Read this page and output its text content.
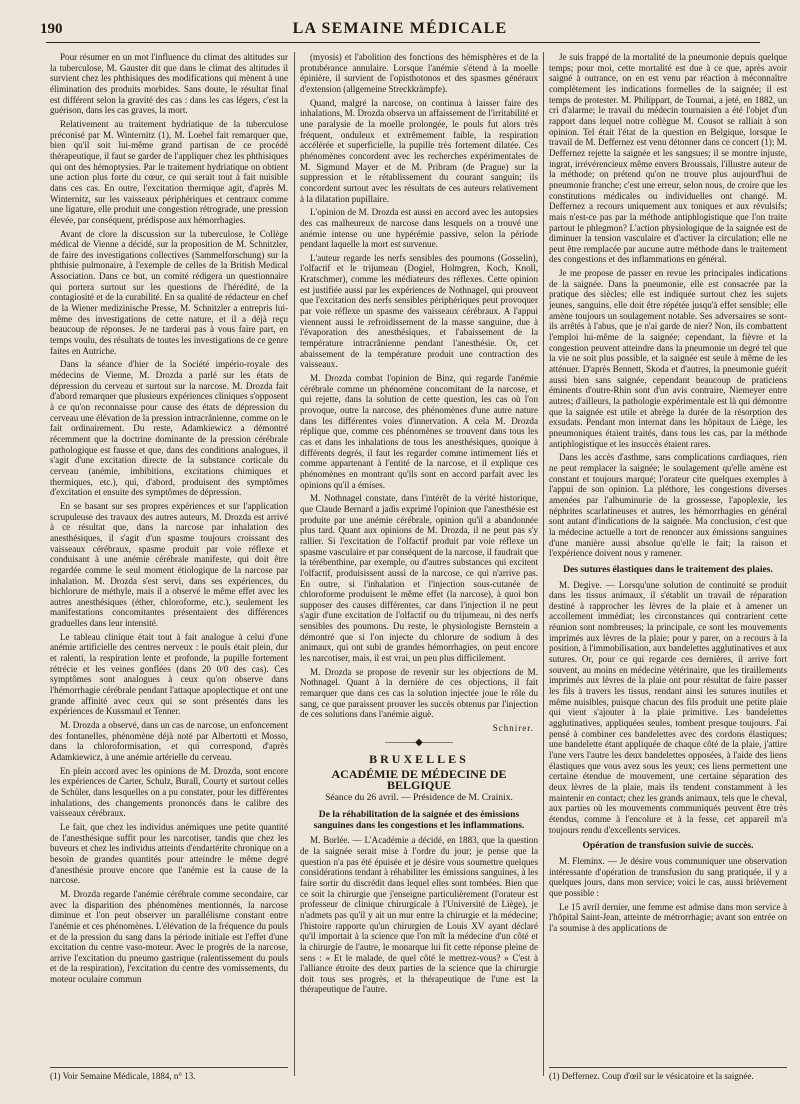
190	LA SEMAINE MÉDICALE

Pour résumer en un mot l'influence du climat des altitudes sur la tuberculose, M. Gauster dit que dans le climat des altitudes il survient chez les phthisiques des modifications qui mènent à une élimination des produits morbides. Sans doute, le résultat final est différent selon la gravité des cas : dans les cas légers, c'est la guérison, dans les cas graves, la mort.

Relativement au traitement hydriatique de la tuberculose préconisé par M. Winternitz (1), M. Loebel fait remarquer que, bien qu'il soit lui-même grand partisan de ce procédé thérapeutique, il faut se garder de l'appliquer chez les phthisiques qui ont des hémoptysies. Par le traitement hydriatique on obtient une action plus forte du cœur, ce qui serait tout à fait nuisible dans ces cas. En outre, l'excitation thermique agit, d'après M. Winternitz, sur les vaisseaux périphériques et centraux comme une ligature, elle produit une congestion rétrograde, une pression élevée, par conséquent, prédispose aux hémorrhagies.

Avant de clore la discussion sur la tuberculose, le Collège médical de Vienne a décidé, sur la proposition de M. Schnitzler, de faire des investigations collectives (Sammelforschung) sur la phthisie pulmonaire, à l'exemple de celles de la British Medical Association. Dans ce but, un comité rédigera un questionnaire qui portera surtout sur les questions de l'hérédité, de la contagiosité et de la curabilité. En sa qualité de rédacteur en chef de la Wiener medizinische Presse, M. Schnitzler a entrepris lui-même des investigations de cette nature, et il a déjà reçu beaucoup de réponses. Je ne tarderai pas à vous faire part, en temps voulu, des résultats de toutes les investigations de ce genre faites en Autriche.

Dans la séance d'hier de la Société império-royale des médecins de Vienne, M. Drozda a parlé sur les états de dépression du cerveau et surtout sur la narcose. M. Drozda fait d'abord remarquer que plusieurs expériences cliniques s'opposent à ce qu'on reconnaisse pour cause des états de dépression du cerveau une élévation de la pression intracrânienne, comme on le fait ordinairement. Du reste, Adamkiewicz a démontré récemment que la doctrine dominante de la pression cérébrale pathologique est fausse et que, dans des conditions analogues, il s'agit d'une excitation directe de la substance corticale du cerveau (anémie, imbibitions, excitations chimiques et thermiques, etc.), qui, d'abord, produisent des symptômes d'excitation et ensuite des symptômes de dépression.

En se basant sur ses propres expériences et sur l'application scrupuleuse des travaux des autres auteurs, M. Drozda est arrivé à ce résultat que, dans la narcose par inhalation des anesthésiques, il s'agit d'un spasme toujours croissant des vaisseaux cérébraux, spasme produit par voie réflexe et conduisant à une anémie cérébrale manifeste, qui doit être regardée comme le seul moment étiologique de la narcose par inhalation. M. Drozda s'est servi, dans ses expériences, du bichlorure de méthyle, mais il a observé le même effet avec les autres anesthésiques (éther, chloroforme, etc.), seulement les manifestations concomitantes présentaient des différences graduelles dans leur intensité.

Le tableau clinique était tout à fait analogue à celui d'une anémie artificielle des centres nerveux : le pouls était plein, dur et ralenti, la respiration lente et profonde, la pupille fortement rétrécie et les veines gonflées (dans 20 0/0 des cas). Ces symptômes sont analogues à ceux qu'on observe dans l'hémorrhagie cérébrale pendant l'attaque apoplectique et ont une grande affinité avec ceux qui se sont présentés dans les expériences de Kussmaul et Tenner.

M. Drozda a observé, dans un cas de narcose, un enfoncement des fontanelles, phénomène déjà noté par Albertotti et Mosso, dans la chloroformisation, et qui correspond, d'après Adamkiewicz, à une anémie artérielle du cerveau.

En plein accord avec les opinions de M. Drozda, sont encore les expériences de Carter, Schulz, Burall, Courty et surtout celles de Schüler, dans lesquelles on a pu constater, pour les différentes inhalations, des changements prononcés dans le calibre des vaisseaux cérébraux.

Le fait, que chez les individus anémiques une petite quantité de l'anesthésique suffit pour les narcotiser, tandis que chez les buveurs et chez les individus atteints d'endartérite chronique on a besoin de grandes quantités pour atteindre le même degré d'anesthésie prouve encore que l'anémie est la cause de la narcose.

M. Drozda regarde l'anémie cérébrale comme secondaire, car avec la disparition des phénomènes mentionnés, la narcose diminue et l'on peut observer un parallélisme constant entre l'anémie et ces phénomènes. L'élévation de la fréquence du pouls et de la pression du sang dans la période initiale est l'effet d'une excitation du centre vaso-moteur. Avec le progrès de la narcose, arrive l'excitation du pneumo gastrique (ralentissement du pouls et de la respiration), l'excitation du centre des vomissements, du moteur oculaire commun

(1) Voir Semaine Médicale, 1884, n° 13.

(myosis) et l'abolition des fonctions des hémisphères et de la protubérance annulaire. Lorsque l'anémie s'étend à la moelle épinière, il survient de l'opisthotonos et des spasmes généraux d'extension (allgemeine Streckkrämpfe).

Quand, malgré la narcose, on continua à laisser faire des inhalations, M. Drozda observa un affaissement de l'irritabilité et une paralysie de la moelle prolongée, le pouls fut alors très fréquent, onduleux et extrêmement faible, la respiration accélérée et superficielle, la pupille très fortement dilatée. Ces phénomènes concordent avec les recherches expérimentales de M. Sigmund Mayer et de M. Pribram (de Prague) sur la suppression et le rétablissement du courant sanguin; ils concordent surtout avec les résultats de ces auteurs relativement à la dilatation pupillaire.

L'opinion de M. Drozda est aussi en accord avec les autopsies des cas malheureux de narcose dans lesquels on a trouvé une anémie intense ou une hypérémie passive, selon la période pendant laquelle la mort est survenue.

L'auteur regarde les nerfs sensibles des poumons (Gosselin), l'olfactif et le trijumeau (Dogiel, Holmgren, Koch, Knoll, Kratschmer), comme les médiateurs des réflexes. Cette opinion est justifiée aussi par les expériences de Nothnagel, qui prouvent que l'excitation des nerfs sensibles périphériques peut provoquer par voie réflexe un spasme des vaisseaux cérébraux. A l'appui viennent aussi le refroidissement de la masse sanguine, due à l'évaporation des anesthésiques, et l'abaissement de la température intracrânienne pendant l'anesthésie. Or, cet abaissement de la température produit une contraction des vaisseaux.

M. Drozda combat l'opinion de Binz, qui regarde l'anémie cérébrale comme un phénomène concomitant de la narcose, et qui rejette, dans la solution de cette question, les cas où l'on provoque, outre la narcose, des phénomènes d'une autre nature dans les différentes voies d'innervation. A cela M. Drozda réplique que, comme ces phénomènes se trouvent dans tous les cas et dans les inhalations de tous les anesthésiques, quoique à différents degrés, il faut les regarder comme intimement liés et comme appartenant à l'entité de la narcose, et il explique ces phénomènes en montrant qu'ils sont en accord parfait avec les opinions qu'il a émises.

M. Nothnagel constate, dans l'intérêt de la vérité historique, que Claude Bernard a jadis exprimé l'opinion que l'anesthésie est produite par une anémie cérébrale, opinion qu'il a abandonnée plus tard. Quant aux opinions de M. Drozda, il ne peut pas s'y rallier. Si l'excitation de l'olfactif produit par voie réflexe un spasme vasculaire et par conséquent de la narcose, il faudrait que la térébenthine, par exemple, ou d'autres substances qui excitent l'olfactif, produisissent aussi de la narcose, ce qui n'arrive pas. En outre, si l'inhalation et l'injection sous-cutanée de chloroforme produisent le même effet (la narcose), à quoi bon supposer des causes différentes, car dans l'injection il ne peut s'agir d'une excitation de l'olfactif ou du trijumeau, ni des nerfs sensibles des poumons. Du reste, le physiologiste Bernstein a démontré que si l'on injecte du chlorure de sodium à des animaux, qui ont subi de grandes hémorrhagies, on peut encore les narcotiser, mais, il est vrai, un peu plus difficilement.

M. Drozda se propose de revenir sur les objections de M. Nothnagel. Quant à la dernière de ces objections, il fait remarquer que dans ces cas la solution injectée joue le rôle du sang, ce que paraissent prouver les succès obtenus par l'injection de ces solutions dans l'anémie aiguë.

Schnirer.
―――◆―――
BRUXELLES
ACADÉMIE DE MÉDECINE DE BELGIQUE
Séance du 26 avril. — Présidence de M. Crainix.
De la réhabilitation de la saignée et des émissions sanguines dans les congestions et les inflammations.

M. Borlée. — L'Académie a décidé, en 1883, que la question de la saignée serait mise à l'ordre du jour; je pense que la question n'a pas été épuisée et je désire vous soumettre quelques considérations tendant à réhabiliter les émissions sanguines, à les faire sortir du discrédit dans lequel elles sont tombées. Bien que ce soit la chirurgie que j'enseigne particulièrement (l'orateur est professeur de clinique chirurgicale à l'Université de Liège), je n'admets pas qu'il y ait un mur entre la chirurgie et la médecine; l'histoire rapporte qu'un chirurgien de Louis XV ayant déclaré qu'il importait à la science que l'on mît la médecine d'un côté et la chirurgie de l'autre, le monarque lui fit cette réponse pleine de sens : « Et le malade, de quel côté le mettrez-vous? » C'est à l'alliance étroite des deux parties de la science que la chirurgie doit tous ses progrès, et la thérapeutique de l'une est la thérapeutique de l'autre.

Je suis frappé de la mortalité de la pneumonie depuis quelque temps; pour moi, cette mortalité est due à ce que, après avoir saigné à outrance, on en est venu par réaction à méconnaître complètement les indications formelles de la saignée; il est temps de protester. M. Philippart, de Tournai, a jeté, en 1882, un cri d'alarme; le travail du médecin tournaisien a été l'objet d'un rapport dans lequel notre collègue M. Cousot se ralliait à son opinion. Tel était l'état de la question en Belgique, lorsque le travail de M. Deffernez est venu détonner dans ce concert (1); M. Deffernez rejette la saignée et les sangsues; il se montre injuste, ingrat, irrévérencieux même envers Broussais, l'illustre auteur de la méthode; on prétend qu'on ne trouve plus aujourd'hui de pneumonie franche; c'est une erreur, selon nous, de croire que les constitutions médicales ou individuelles ont changé. M. Deffernez a recours uniquement aux toniques et aux révulsifs; mais n'est-ce pas par la méthode antiphlogistique que l'on traite partout le phlegmon? L'action physiologique de la saignée est de diminuer la tension vasculaire et d'activer la circulation; elle ne peut être remplacée par aucune autre méthode dans le traitement des congestions et des inflammations en général.

Je me propose de passer en revue les principales indications de la saignée. Dans la pneumonie, elle est consacrée par la pratique des siècles; elle est indiquée surtout chez les sujets jeunes, sanguins, elle doit être répétée jusqu'à effet sensible; elle amène toujours un soulagement notable. Ses adversaires se sont-ils arrêtés à l'abus, que je n'ai garde de nier? Non, ils combattent l'emploi lui-même de la saignée; cependant, la fièvre et la congestion peuvent atteindre dans la pneumonie un degré tel que la vie ne soit plus possible, et la saignée est seule à même de les atténuer. D'après Bennett, Skoda et d'autres, la pneumonie guérit aussi bien sans saignée, cependant beaucoup de praticiens éminents d'outre-Rhin sont d'un avis contraire, Niemeyer entre autres; d'ailleurs, la pathologie expérimentale est là qui démontre que la saignée est utile et abrège la durée de la résorption des exsudats. Pendant mon internat dans les hôpitaux de Liège, les pneumoniques étaient traités, dans tous les cas, par la méthode antiphlogistique et les insuccès étaient rares.

Dans les accès d'asthme, sans complications cardiaques, rien ne peut remplacer la saignée; le soulagement qu'elle amène est constant et toujours marqué; l'orateur cite quelques exemples à l'appui de son opinion. La pléthore, les congestions diverses amenées par l'albuminurie de la grossesse, l'apoplexie, les néphrites scarlatineuses et autres, les hémorrhagies en général sont autant d'indications de la saignée. Ma conclusion, c'est que la médecine actuelle a tort de renoncer aux émissions sanguines d'une manière aussi absolue qu'elle le fait; la raison et l'expérience doivent nous y ramener.

Des sutures élastiques dans le traitement des plaies.

M. Degive. — Lorsqu'une solution de continuité se produit dans les tissus animaux, il s'établit un travail de réparation destiné à rapprocher les lèvres de la plaie et à amener un accollement immédiat; les circonstances qui contrarient cette réunion sont nombreuses; la principale, ce sont les mouvements imprimés aux lèvres de la plaie; pour y parer, on a recours à la position, à l'immobilisation, aux bandelettes agglutinatives et aux sutures. Or, pour ce qui regarde ces dernières, il arrive fort souvent, au moins en médecine vétérinaire, que les tiraillements imprimés aux lèvres de la plaie ont pour résultat de faire passer les fils à travers les tissus, rendant ainsi les sutures inutiles et même nuisibles, puisque chacun des fils produit une petite plaie qui vient s'ajouter à la plaie primitive. Les bandelettes agglutinatives, appliquées seules, tombent presque toujours. J'ai pensé à combiner ces bandelettes avec des cordons élastiques; une bandelette étant appliquée de chaque côté de la plaie, j'attire l'une vers l'autre les deux bandelettes opposées, à l'aide des liens élastiques que vous avez sous les yeux; ces liens permettent une certaine étendue de mouvement, une certaine séparation des deux lèvres de la plaie, mais ils tendent constamment à les maintenir en contact; chez les grands animaux, tels que le cheval, aux parties où les mouvements communiqués peuvent être très étendus, comme à l'encolure et à la fesse, cet appareil m'a toujours rendu d'excellents services.

Opération de transfusion suivie de succès.

M. Fleminx. — Je désire vous communiquer une observation intéressante d'opération de transfusion du sang pratiquée, il y a quelques jours, dans mon service; voici le cas, aussi brièvement que possible :

Le 15 avril dernier, une femme est admise dans mon service à l'hôpital Saint-Jean, atteinte de métrorrhagie; avant son entrée on l'a soumise à des applications de

(1) Deffernez. Coup d'œil sur le vésicatoire et la saignée.
